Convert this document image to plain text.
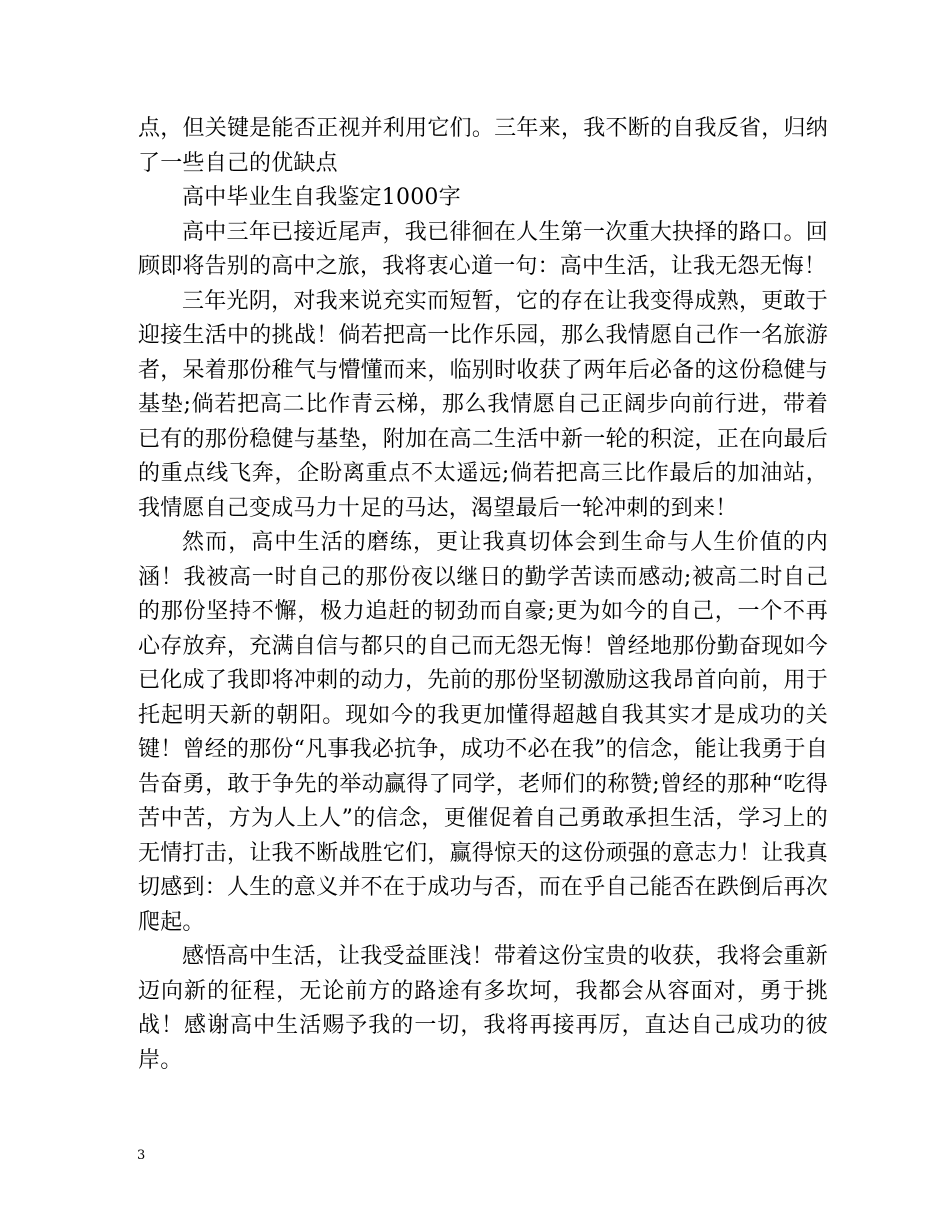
点，但关键是能否正视并利用它们。三年来，我不断的自我反省，归纳了一些自己的优缺点

高中毕业生自我鉴定1000字

高中三年已接近尾声，我已徘徊在人生第一次重大抉择的路口。回顾即将告别的高中之旅，我将衷心道一句：高中生活，让我无怨无悔！

三年光阴，对我来说充实而短暂，它的存在让我变得成熟，更敢于迎接生活中的挑战！倘若把高一比作乐园，那么我情愿自己作一名旅游者，呆着那份稚气与懵懂而来，临别时收获了两年后必备的这份稳健与基垫;倘若把高二比作青云梯，那么我情愿自己正阔步向前行进，带着已有的那份稳健与基垫，附加在高二生活中新一轮的积淀，正在向最后的重点线飞奔，企盼离重点不太遥远;倘若把高三比作最后的加油站，我情愿自己变成马力十足的马达，渴望最后一轮冲刺的到来！

然而，高中生活的磨练，更让我真切体会到生命与人生价值的内涵！我被高一时自己的那份夜以继日的勤学苦读而感动;被高二时自己的那份坚持不懈，极力追赶的韧劲而自豪;更为如今的自己，一个不再心存放弃，充满自信与都只的自己而无怨无悔！曾经地那份勤奋现如今已化成了我即将冲刺的动力，先前的那份坚韧激励这我昂首向前，用于托起明天新的朝阳。现如今的我更加懂得超越自我其实才是成功的关键！曾经的那份“凡事我必抗争，成功不必在我”的信念，能让我勇于自告奋勇，敢于争先的举动赢得了同学，老师们的称赞;曾经的那种“吃得苦中苦，方为人上人”的信念，更催促着自己勇敢承担生活，学习上的无情打击，让我不断战胜它们，赢得惊天的这份顽强的意志力！让我真切感到：人生的意义并不在于成功与否，而在乎自己能否在跌倒后再次爬起。

感悟高中生活，让我受益匪浅！带着这份宝贵的收获，我将会重新迈向新的征程，无论前方的路途有多坎坷，我都会从容面对，勇于挑战！感谢高中生活赐予我的一切，我将再接再厉，直达自己成功的彼岸。

3
